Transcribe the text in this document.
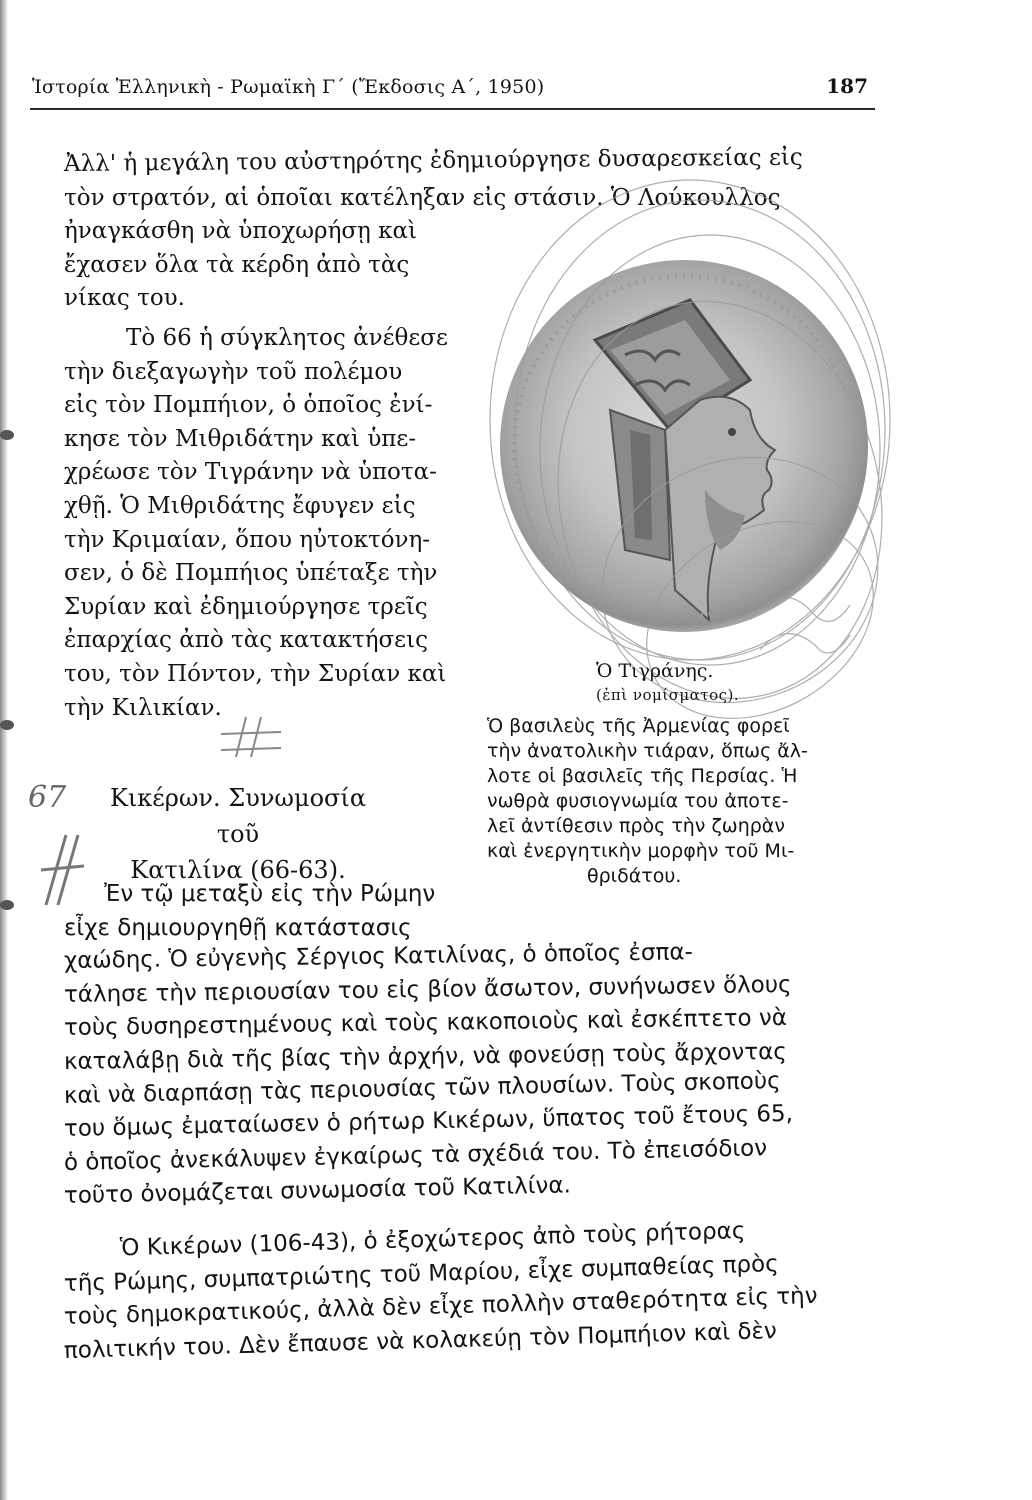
Ἱστορία Ἑλληνικὴ - Ρωμαϊκὴ Γ΄ (Ἔκδοσις Α΄, 1950)	187
Ἀλλ' ἡ μεγάλη του αὐστηρότης ἐδημιούργησε δυσαρεσκείας εἰς
τὸν στρατόν, αἱ ὁποῖαι κατέληξαν εἰς στάσιν. Ὁ Λούκουλλος
ἠναγκάσθη νὰ ὑποχωρήσῃ καὶ
ἔχασεν ὅλα τὰ κέρδη ἀπὸ τὰς
νίκας του.
Τὸ 66 ἡ σύγκλητος ἀνέθεσε
τὴν διεξαγωγὴν τοῦ πολέμου
εἰς τὸν Πομπήιον, ὁ ὁποῖος ἐνί-
κησε τὸν Μιθριδάτην καὶ ὑπε-
χρέωσε τὸν Τιγράνην νὰ ὑποτα-
χθῇ. Ὁ Μιθριδάτης ἔφυγεν εἰς
τὴν Κριμαίαν, ὅπου ηὐτοκτόνη-
σεν, ὁ δὲ Πομπήιος ὑπέταξε τὴν
Συρίαν καὶ ἐδημιούργησε τρεῖς
ἐπαρχίας ἀπὸ τὰς κατακτήσεις
του, τὸν Πόντον, τὴν Συρίαν καὶ
τὴν Κιλικίαν.
Ὁ Τιγράνης.
(ἐπὶ νομίσματος).
Ὁ βασιλεὺς τῆς Ἀρμενίας φορεῖ
τὴν ἀνατολικὴν τιάραν, ὅπως ἄλ-
λοτε οἱ βασιλεῖς τῆς Περσίας. Ἡ
νωθρὰ φυσιογνωμία του ἀποτε-
λεῖ ἀντίθεσιν πρὸς τὴν ζωηρὰν
καὶ ἐνεργητικὴν μορφὴν τοῦ Μι-
θριδάτου.
67	Κικέρων. Συνωμοσία τοῦ
Κατιλίνα (66-63).
Ἐν τῷ μεταξὺ εἰς τὴν Ρώμην
εἶχε δημιουργηθῇ κατάστασις
χαώδης. Ὁ εὐγενὴς Σέργιος Κατιλίνας, ὁ ὁποῖος ἐσπα-
τάλησε τὴν περιουσίαν του εἰς βίον ἄσωτον, συνήνωσεν ὅλους
τοὺς δυσηρεστημένους καὶ τοὺς κακοποιοὺς καὶ ἐσκέπτετο νὰ
καταλάβῃ διὰ τῆς βίας τὴν ἀρχήν, νὰ φονεύσῃ τοὺς ἄρχοντας
καὶ νὰ διαρπάσῃ τὰς περιουσίας τῶν πλουσίων. Τοὺς σκοποὺς
του ὅμως ἐματαίωσεν ὁ ρήτωρ Κικέρων, ὕπατος τοῦ ἔτους 65,
ὁ ὁποῖος ἀνεκάλυψεν ἐγκαίρως τὰ σχέδιά του. Τὸ ἐπεισόδιον
τοῦτο ὀνομάζεται συνωμοσία τοῦ Κατιλίνα.
Ὁ Κικέρων (106-43), ὁ ἐξοχώτερος ἀπὸ τοὺς ρήτορας
τῆς Ρώμης, συμπατριώτης τοῦ Μαρίου, εἶχε συμπαθείας πρὸς
τοὺς δημοκρατικούς, ἀλλὰ δὲν εἶχε πολλὴν σταθερότητα εἰς τὴν
πολιτικήν του. Δὲν ἔπαυσε νὰ κολακεύῃ τὸν Πομπήιον καὶ δὲν
